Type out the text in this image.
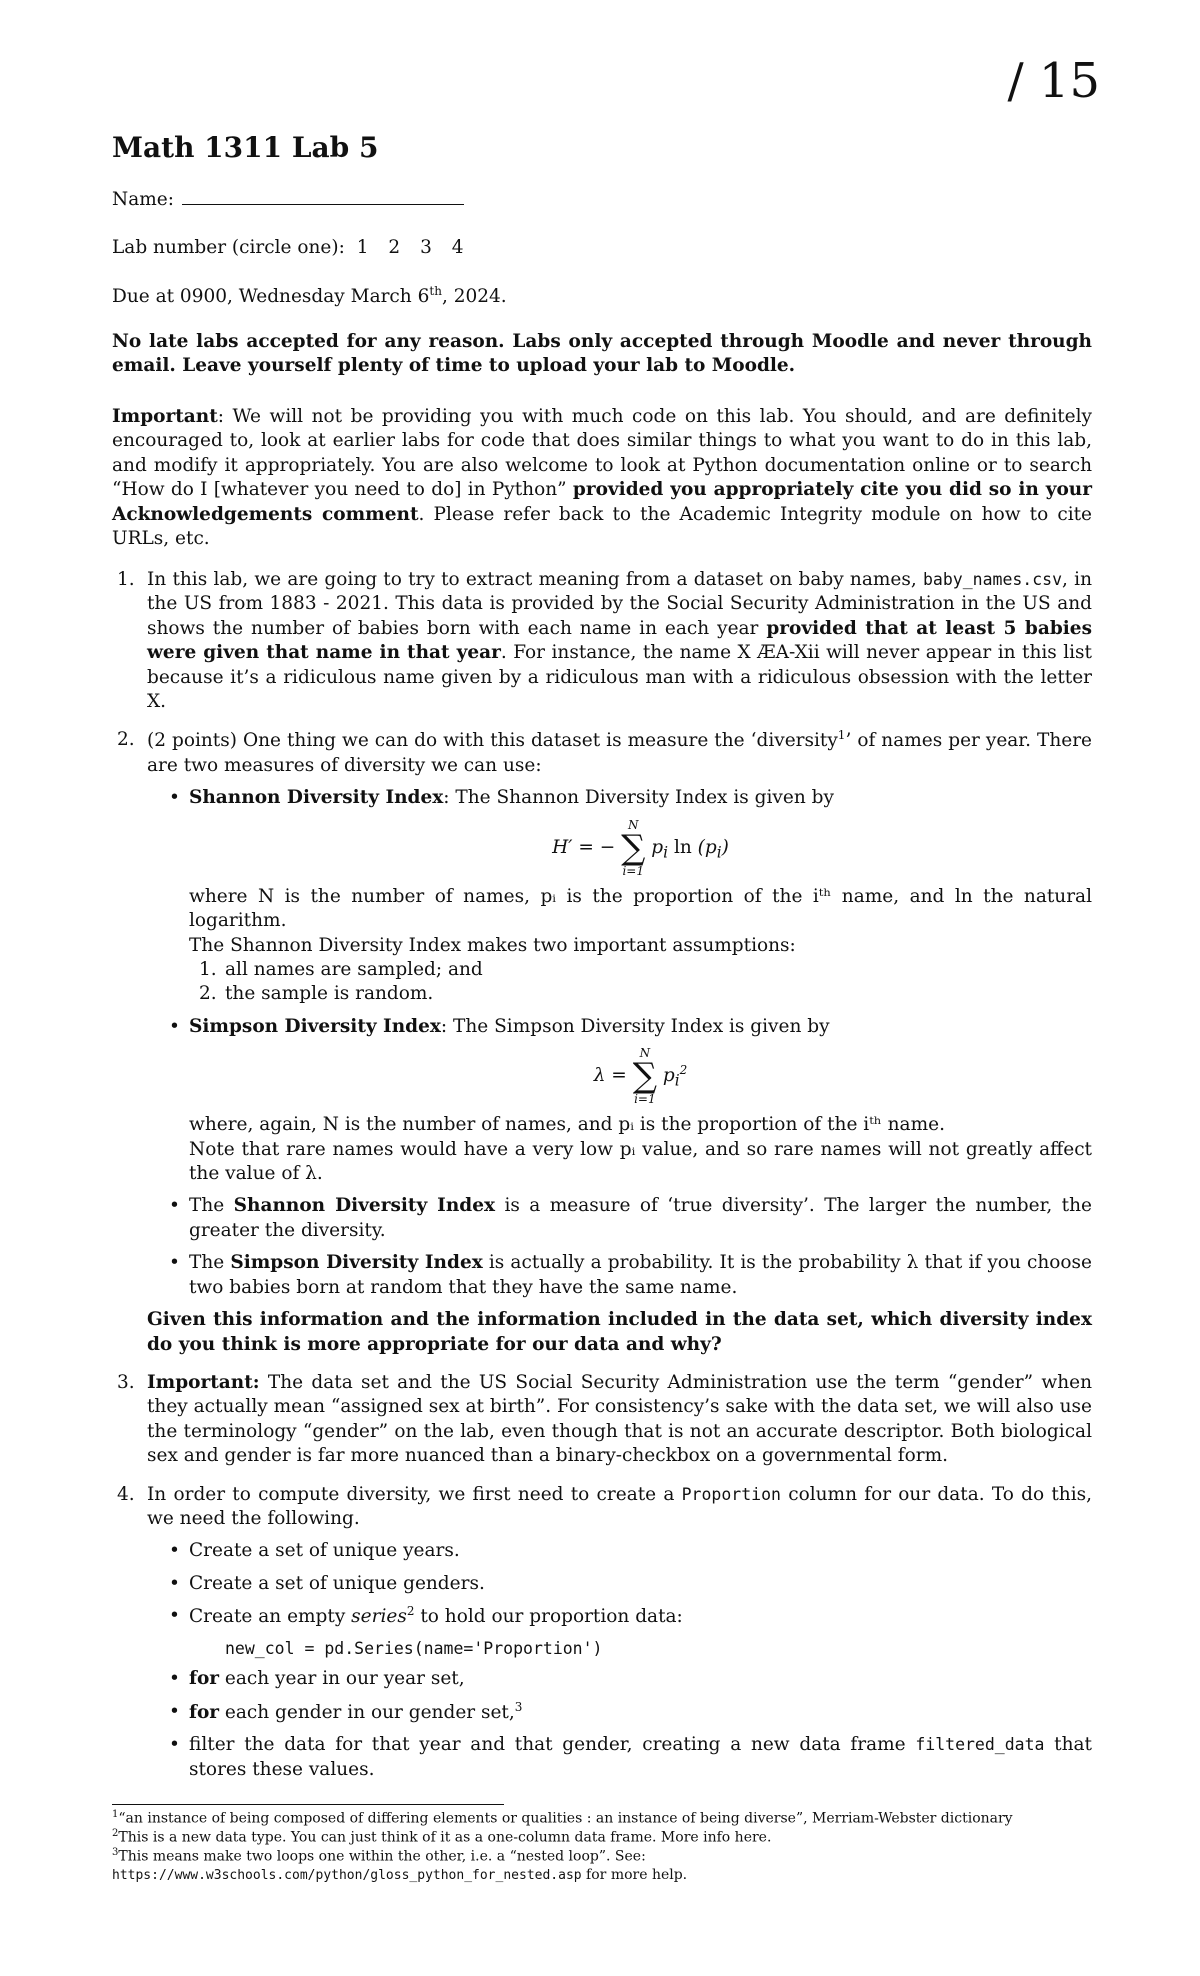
/ 15
Math 1311 Lab 5
Name:
Lab number (circle one): 1 2 3 4
Due at 0900, Wednesday March 6th, 2024.
No late labs accepted for any reason. Labs only accepted through Moodle and never through email. Leave yourself plenty of time to upload your lab to Moodle.
Important: We will not be providing you with much code on this lab. You should, and are definitely encouraged to, look at earlier labs for code that does similar things to what you want to do in this lab, and modify it appropriately. You are also welcome to look at Python documentation online or to search “How do I [whatever you need to do] in Python” provided you appropriately cite you did so in your Acknowledgements comment. Please refer back to the Academic Integrity module on how to cite URLs, etc.
1. In this lab, we are going to try to extract meaning from a dataset on baby names, baby_names.csv, in the US from 1883 - 2021. This data is provided by the Social Security Administration in the US and shows the number of babies born with each name in each year provided that at least 5 babies were given that name in that year. For instance, the name X ÆA-Xii will never appear in this list because it’s a ridiculous name given by a ridiculous man with a ridiculous obsession with the letter X.
2. (2 points) One thing we can do with this dataset is measure the ‘diversity$^1$’ of names per year. There are two measures of diversity we can use:
• Shannon Diversity Index: The Shannon Diversity Index is given by
H′ = −
N
∑
i=1
$p_i$ $\ln (p_i)$
where N is the number of names, pᵢ is the proportion of the iᵗʰ name, and ln the natural logarithm.
The Shannon Diversity Index makes two important assumptions:
1. all names are sampled; and
2. the sample is random.
• Simpson Diversity Index: The Simpson Diversity Index is given by
λ =
N
∑
i=1
$p_i^2$
where, again, N is the number of names, and pᵢ is the proportion of the iᵗʰ name.
Note that rare names would have a very low pᵢ value, and so rare names will not greatly affect the value of λ.
• The Shannon Diversity Index is a measure of ‘true diversity’. The larger the number, the greater the diversity.
• The Simpson Diversity Index is actually a probability. It is the probability λ that if you choose two babies born at random that they have the same name.
Given this information and the information included in the data set, which diversity index do you think is more appropriate for our data and why?
3. Important: The data set and the US Social Security Administration use the term “gender” when they actually mean “assigned sex at birth”. For consistency’s sake with the data set, we will also use the terminology “gender” on the lab, even though that is not an accurate descriptor. Both biological sex and gender is far more nuanced than a binary-checkbox on a governmental form.
4. In order to compute diversity, we first need to create a Proportion column for our data. To do this, we need the following.
• Create a set of unique years.
• Create a set of unique genders.
• Create an empty series$^2$ to hold our proportion data:
new_col = pd.Series(name='Proportion')
• for each year in our year set,
• for each gender in our gender set,$^3$
• filter the data for that year and that gender, creating a new data frame filtered_data that stores these values.
$^1$“an instance of being composed of differing elements or qualities : an instance of being diverse”, Merriam-Webster dictionary
$^2$This is a new data type. You can just think of it as a one-column data frame. More info here.
$^3$This means make two loops one within the other, i.e. a “nested loop”. See: https://www.w3schools.com/python/gloss_python_for_nested.asp for more help.
